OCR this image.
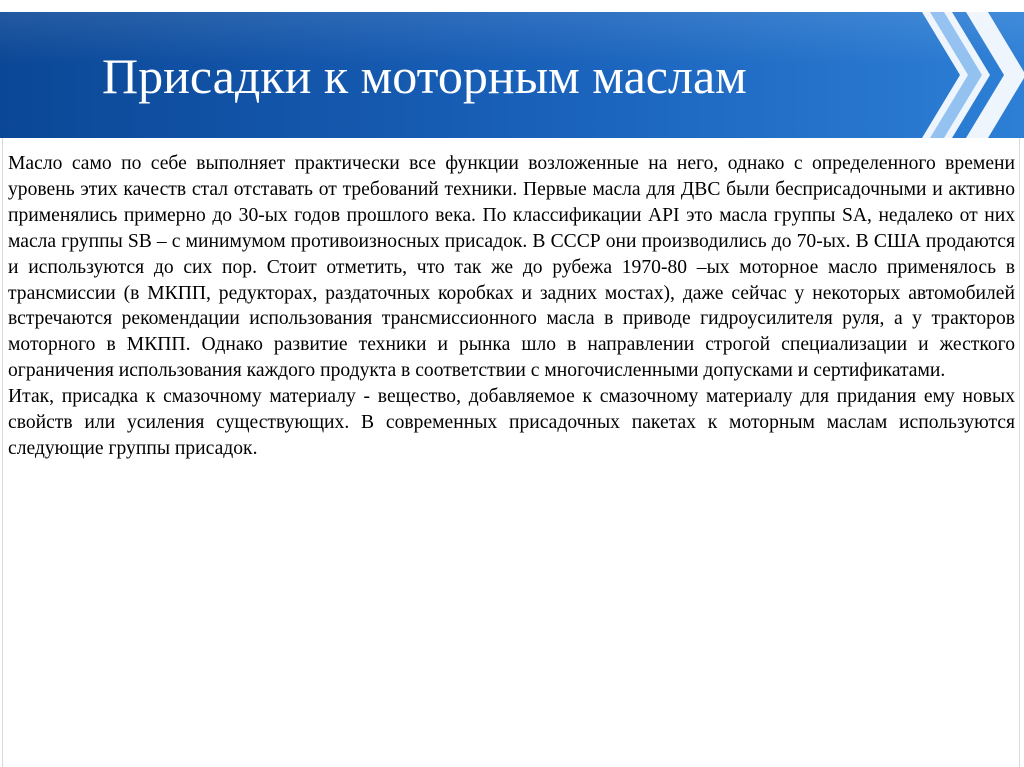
Присадки к моторным маслам

Масло само по себе выполняет практически все функции возложенные на него, однако с определенного времени уровень этих качеств стал отставать от требований техники. Первые масла для ДВС были беcприсадочными и активно применялись примерно до 30-ых годов прошлого века. По классификации API это масла группы SA, недалеко от них масла группы SB – с минимумом противоизносных присадок. В СССР они производились до 70-ых. В США продаются и используются до сих пор. Стоит отметить, что так же до рубежа 1970-80 –ых моторное масло применялось в трансмиссии (в МКПП, редукторах, раздаточных коробках и задних мостах), даже сейчас у некоторых автомобилей встречаются рекомендации использования трансмиссионного масла в приводе гидроусилителя руля, а у тракторов моторного в МКПП. Однако развитие техники и рынка шло в направлении строгой специализации и жесткого ограничения использования каждого продукта в соответствии с многочисленными допусками и сертификатами.

Итак, присадка к смазочному материалу - вещество, добавляемое к смазочному материалу для придания ему новых свойств или усиления существующих. В современных присадочных пакетах к моторным маслам используются следующие группы присадок.
